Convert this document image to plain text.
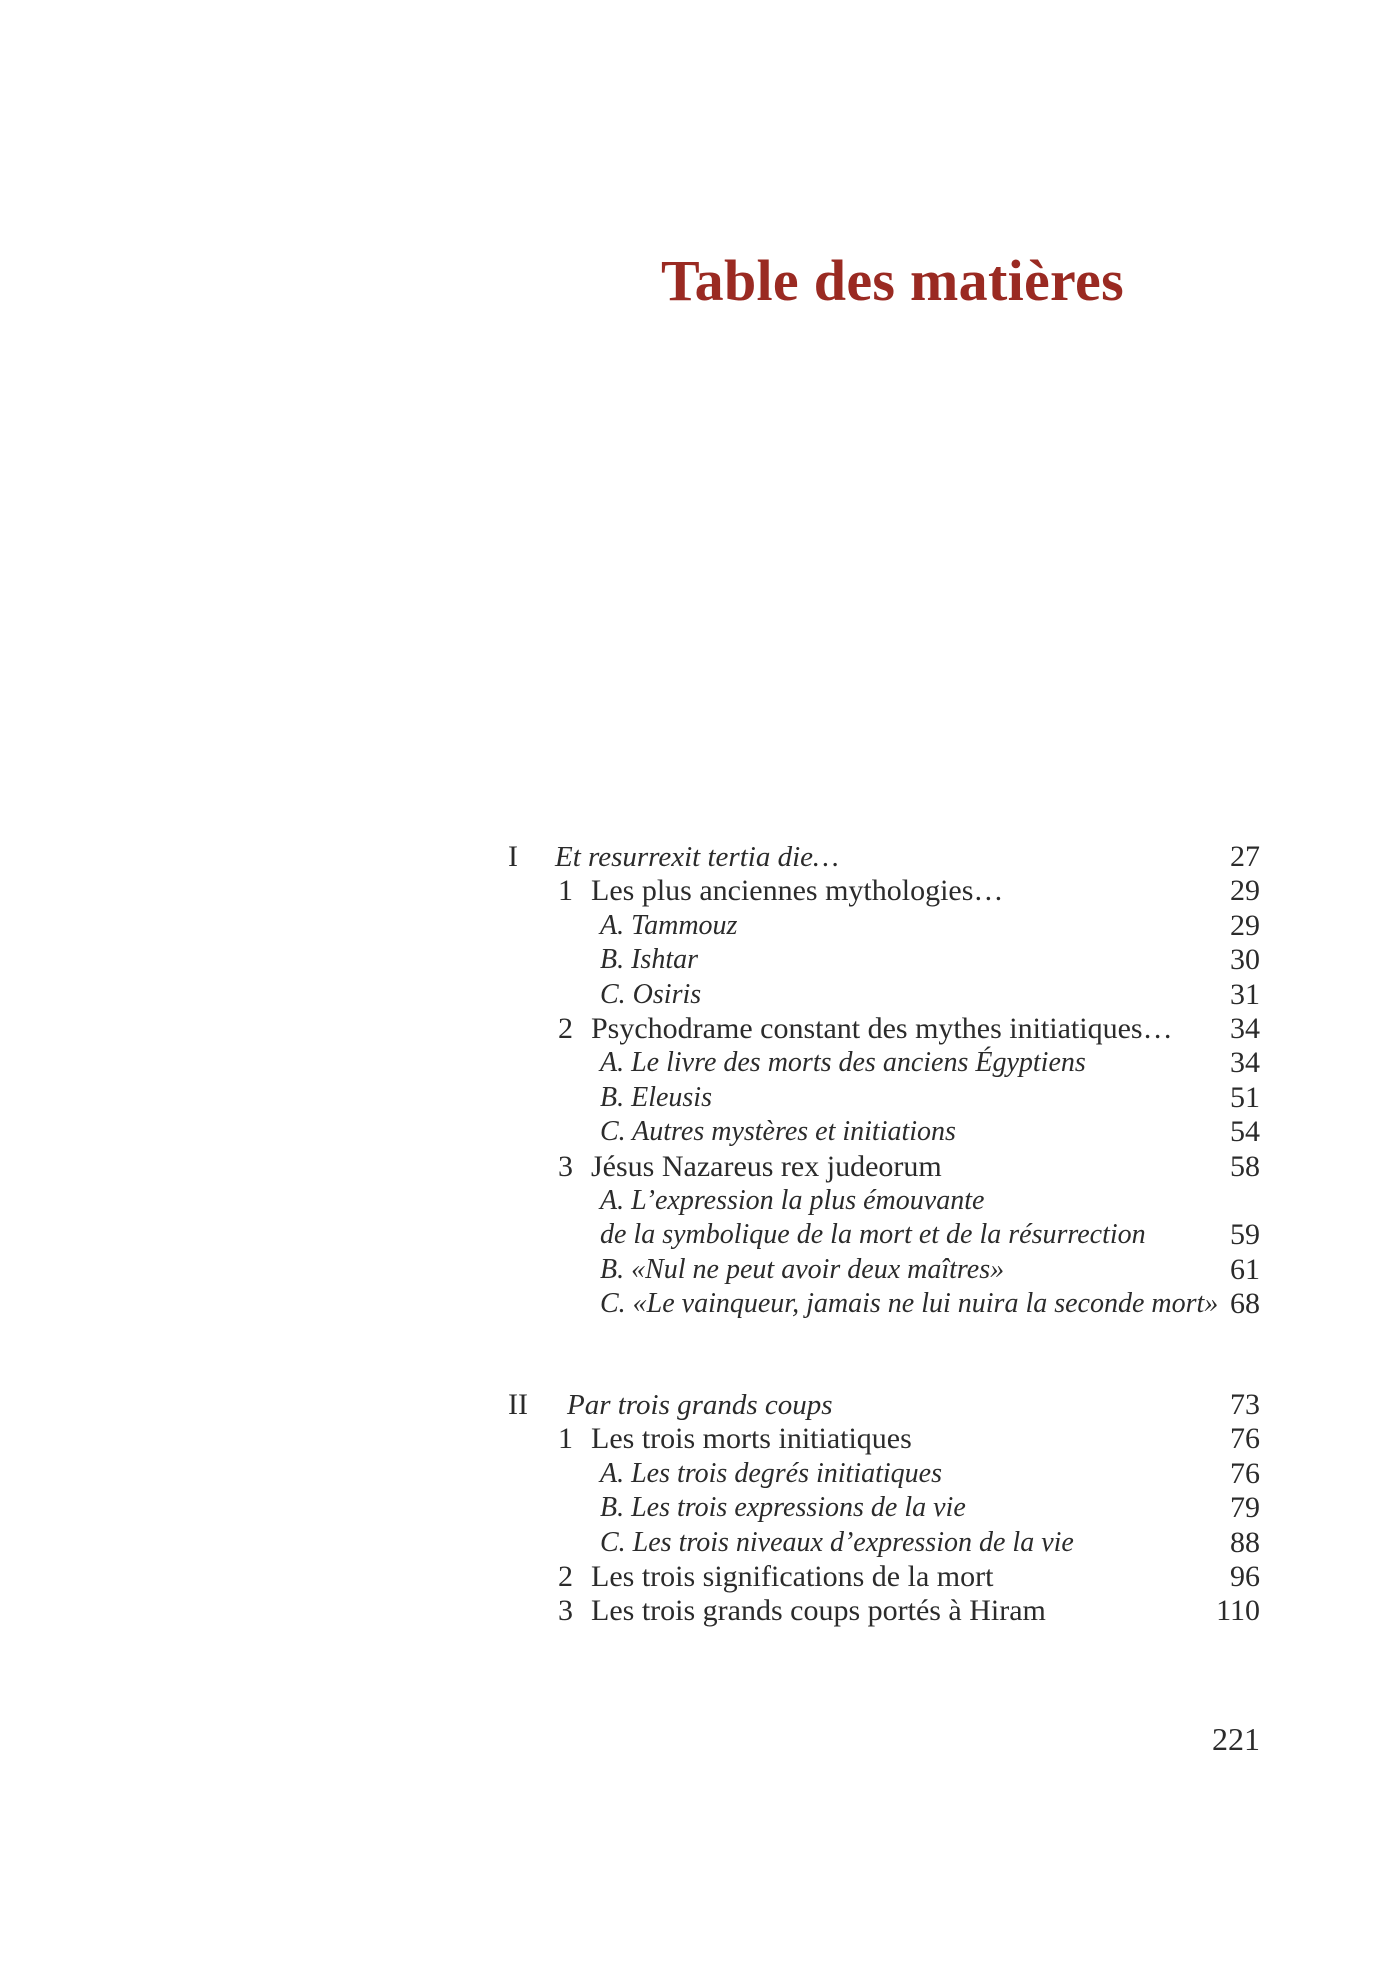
Table des matières
I Et resurrexit tertia die…	27
1 Les plus anciennes mythologies…	29
A. Tammouz	29
B. Ishtar	30
C. Osiris	31
2 Psychodrame constant des mythes initiatiques… 34
A. Le livre des morts des anciens Égyptiens	34
B. Eleusis	51
C. Autres mystères et initiations	54
3 Jésus Nazareus rex judeorum	58
A. L’expression la plus émouvante
de la symbolique de la mort et de la résurrection	59
B. «Nul ne peut avoir deux maîtres»	61
C. «Le vainqueur, jamais ne lui nuira la seconde mort» 68
II Par trois grands coups	73
1 Les trois morts initiatiques	76
A. Les trois degrés initiatiques	76
B. Les trois expressions de la vie	79
C. Les trois niveaux d’expression de la vie	88
2 Les trois significations de la mort	96
3 Les trois grands coups portés à Hiram	110
221
